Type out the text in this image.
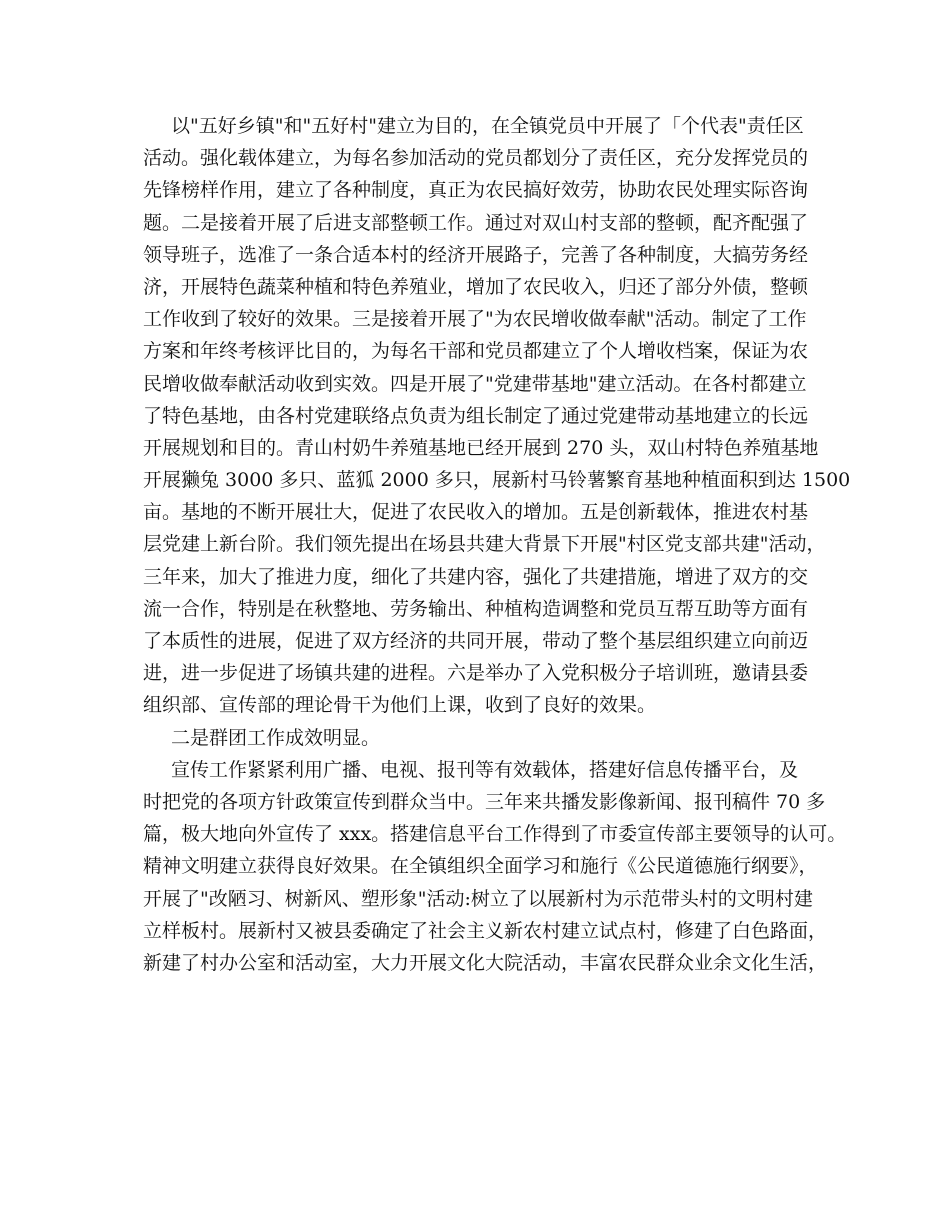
以"五好乡镇"和"五好村"建立为目的，在全镇党员中开展了「个代表"责任区
活动。强化载体建立，为每名参加活动的党员都划分了责任区，充分发挥党员的
先锋榜样作用，建立了各种制度，真正为农民搞好效劳，协助农民处理实际咨询
题。二是接着开展了后进支部整顿工作。通过对双山村支部的整顿，配齐配强了
领导班子，选准了一条合适本村的经济开展路子，完善了各种制度，大搞劳务经
济，开展特色蔬菜种植和特色养殖业，增加了农民收入，归还了部分外债，整顿
工作收到了较好的效果。三是接着开展了"为农民增收做奉献"活动。制定了工作
方案和年终考核评比目的，为每名干部和党员都建立了个人增收档案，保证为农
民增收做奉献活动收到实效。四是开展了"党建带基地"建立活动。在各村都建立
了特色基地，由各村党建联络点负责为组长制定了通过党建带动基地建立的长远
开展规划和目的。青山村奶牛养殖基地已经开展到 270 头，双山村特色养殖基地
开展獭兔 3000 多只、蓝狐 2000 多只，展新村马铃薯繁育基地种植面积到达 1500
亩。基地的不断开展壮大，促进了农民收入的增加。五是创新载体，推进农村基
层党建上新台阶。我们领先提出在场县共建大背景下开展"村区党支部共建"活动，
三年来，加大了推进力度，细化了共建内容，强化了共建措施，增进了双方的交
流一合作，特别是在秋整地、劳务输出、种植构造调整和党员互帮互助等方面有
了本质性的进展，促进了双方经济的共同开展，带动了整个基层组织建立向前迈
进，进一步促进了场镇共建的进程。六是举办了入党积极分子培训班，邀请县委
组织部、宣传部的理论骨干为他们上课，收到了良好的效果。
二是群团工作成效明显。
宣传工作紧紧利用广播、电视、报刊等有效载体，搭建好信息传播平台，及
时把党的各项方针政策宣传到群众当中。三年来共播发影像新闻、报刊稿件 70 多
篇，极大地向外宣传了 xxx。搭建信息平台工作得到了市委宣传部主要领导的认可。
精神文明建立获得良好效果。在全镇组织全面学习和施行《公民道德施行纲要》，
开展了"改陋习、树新风、塑形象"活动:树立了以展新村为示范带头村的文明村建
立样板村。展新村又被县委确定了社会主义新农村建立试点村，修建了白色路面，
新建了村办公室和活动室，大力开展文化大院活动，丰富农民群众业余文化生活，
